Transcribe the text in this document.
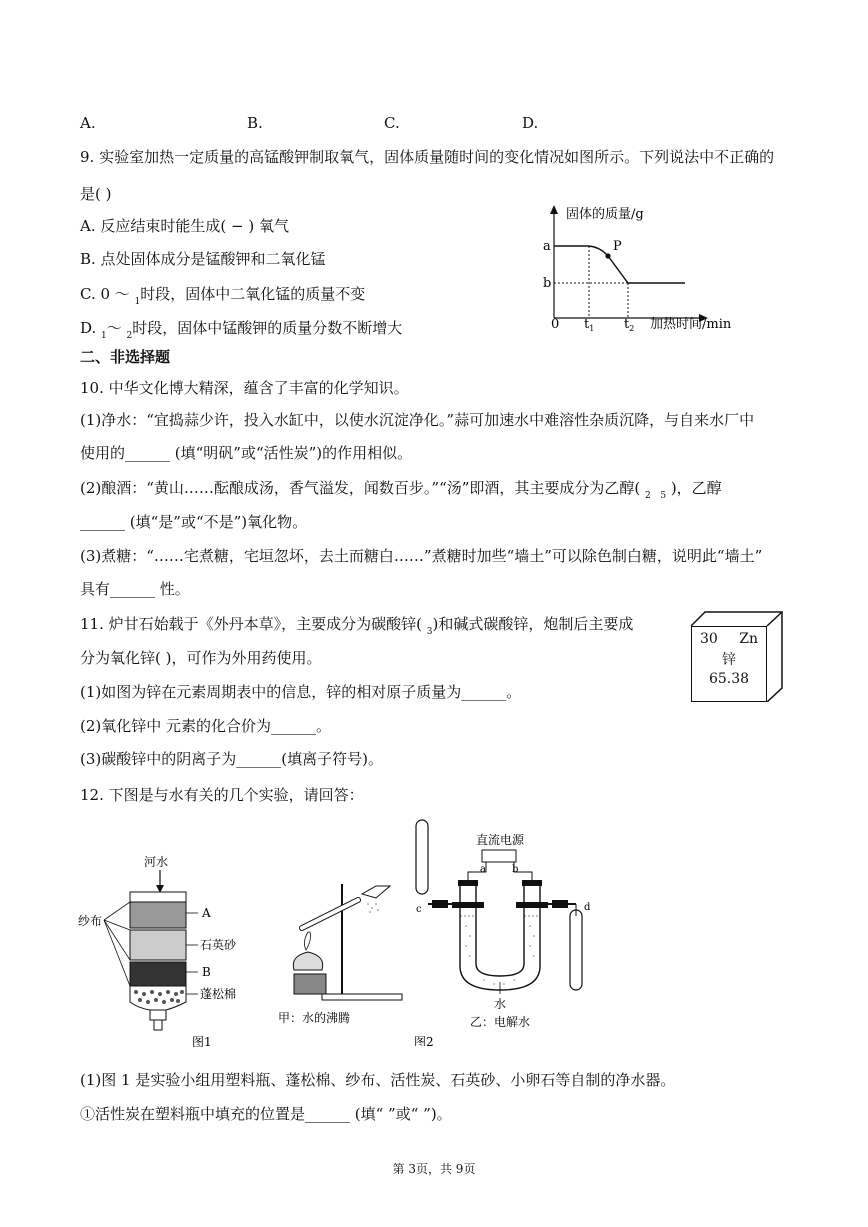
A.	B.	C.	D.
9. 实验室加热一定质量的高锰酸钾制取氧气，固体质量随时间的变化情况如图所示。下列说法中不正确的
是( )
A. 反应结束时能生成( − ) 氧气
B. 点处固体成分是锰酸钾和二氧化锰
C. 0 ～ $_1$时段，固体中二氧化锰的质量不变
D. $_1$～ $_2$时段，固体中锰酸钾的质量分数不断增大
固体的质量/g
加热时间/min
0
a
b
$t_1$ $t_2$
P
二、非选择题
10. 中华文化博大精深，蕴含了丰富的化学知识。
(1)净水：“宜捣蒜少许，投入水缸中，以使水沉淀净化。”蒜可加速水中难溶性杂质沉降，与自来水厂中
使用的______ (填“明矾”或“活性炭”)的作用相似。
(2)酿酒：“黄山……酝酿成汤，香气溢发，闻数百步。”“汤”即酒，其主要成分为乙醇( $_2$ $_5$ )，乙醇
______ (填“是”或“不是”)氧化物。
(3)煮糖：“……宅煮糖，宅垣忽坏，去土而糖白……”煮糖时加些“墙土”可以除色制白糖，说明此“墙土”
具有______ 性。
11. 炉甘石始载于《外丹本草》，主要成分为碳酸锌( $_3$)和碱式碳酸锌，炮制后主要成
分为氧化锌( )，可作为外用药使用。
(1)如图为锌在元素周期表中的信息，锌的相对原子质量为______。
(2)氧化锌中 元素的化合价为______。
(3)碳酸锌中的阴离子为______(填离子符号)。
30 Zn
锌
65.38
12. 下图是与水有关的几个实验，请回答：
河水
纱布
A
石英砂
B
蓬松棉
图1
甲：水的沸腾
直流电源
a	b
c	d
水
乙：电解水
图2
(1)图 1 是实验小组用塑料瓶、蓬松棉、纱布、活性炭、石英砂、小卵石等自制的净水器。
①活性炭在塑料瓶中填充的位置是______ (填“ ”或“ ”)。
第 3页，共 9页
